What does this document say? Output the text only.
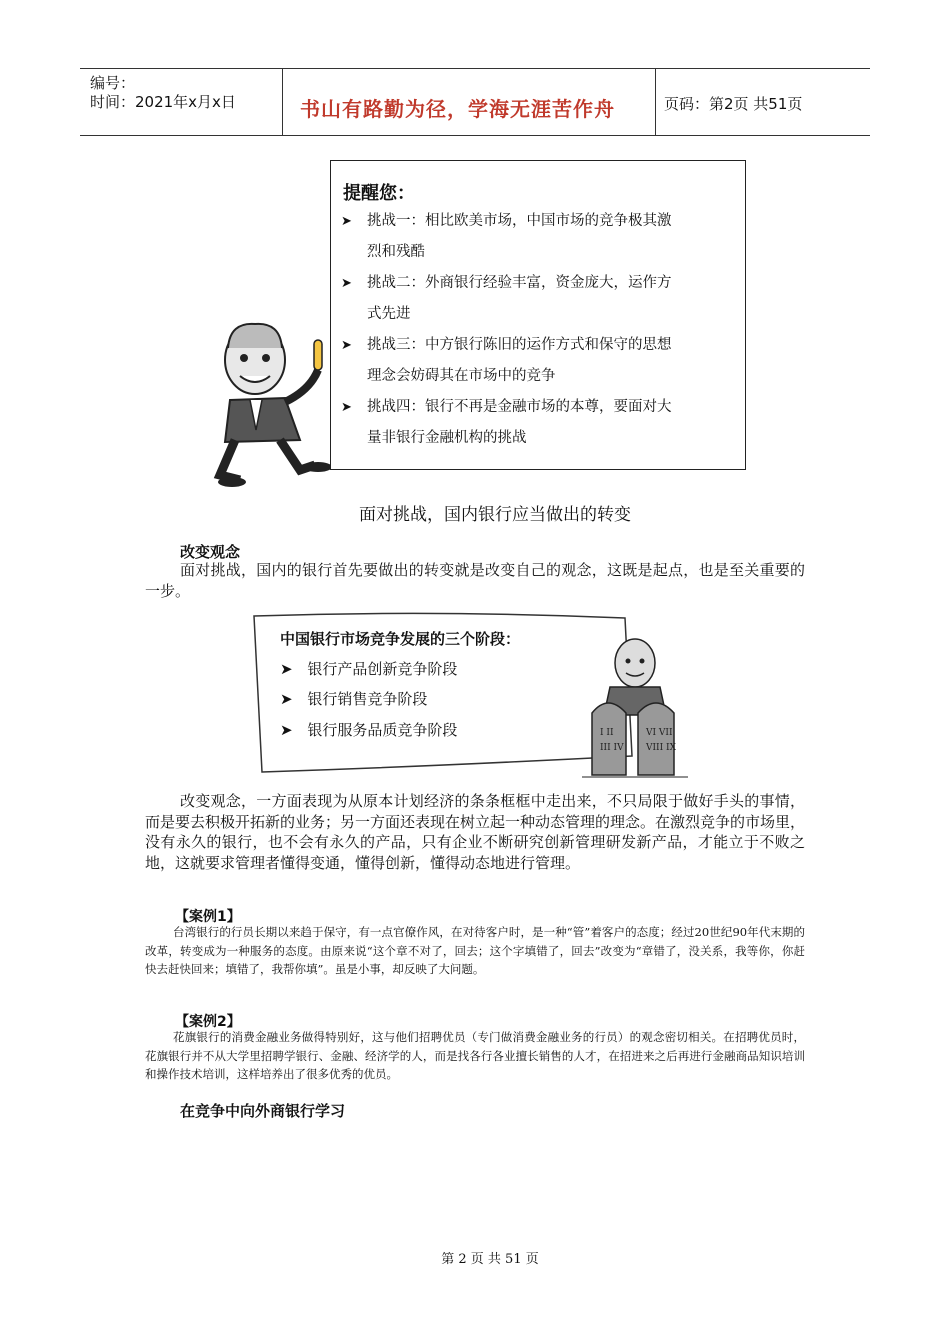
编号：
时间：2021年x月x日	书山有路勤为径，学海无涯苦作舟	页码：第2页 共51页
提醒您：
➤	挑战一：相比欧美市场，中国市场的竞争极其激
烈和残酷
➤	挑战二：外商银行经验丰富，资金庞大，运作方
式先进
➤	挑战三：中方银行陈旧的运作方式和保守的思想
理念会妨碍其在市场中的竞争
➤	挑战四：银行不再是金融市场的本尊，要面对大
量非银行金融机构的挑战
面对挑战，国内银行应当做出的转变
改变观念
面对挑战，国内的银行首先要做出的转变就是改变自己的观念，这既是起点，也是至关重要的一步。
中国银行市场竞争发展的三个阶段：
➤ 银行产品创新竞争阶段
➤ 银行销售竞争阶段
➤ 银行服务品质竞争阶段	I II
III IV
VI VII
VIII IX
改变观念，一方面表现为从原本计划经济的条条框框中走出来，不只局限于做好手头的事情，而是要去积极开拓新的业务；另一方面还表现在树立起一种动态管理的理念。在激烈竞争的市场里，没有永久的银行，也不会有永久的产品，只有企业不断研究创新管理研发新产品，才能立于不败之地，这就要求管理者懂得变通，懂得创新，懂得动态地进行管理。
【案例1】
台湾银行的行员长期以来趋于保守，有一点官僚作风，在对待客户时，是一种“管”着客户的态度；经过20世纪90年代末期的改革，转变成为一种服务的态度。由原来说“这个章不对了，回去；这个字填错了，回去”改变为“章错了，没关系，我等你，你赶快去赶快回来；填错了，我帮你填”。虽是小事，却反映了大问题。
【案例2】
花旗银行的消费金融业务做得特别好，这与他们招聘优员（专门做消费金融业务的行员）的观念密切相关。在招聘优员时，花旗银行并不从大学里招聘学银行、金融、经济学的人，而是找各行各业擅长销售的人才，在招进来之后再进行金融商品知识培训和操作技术培训，这样培养出了很多优秀的优员。
在竞争中向外商银行学习
第 2 页 共 51 页
